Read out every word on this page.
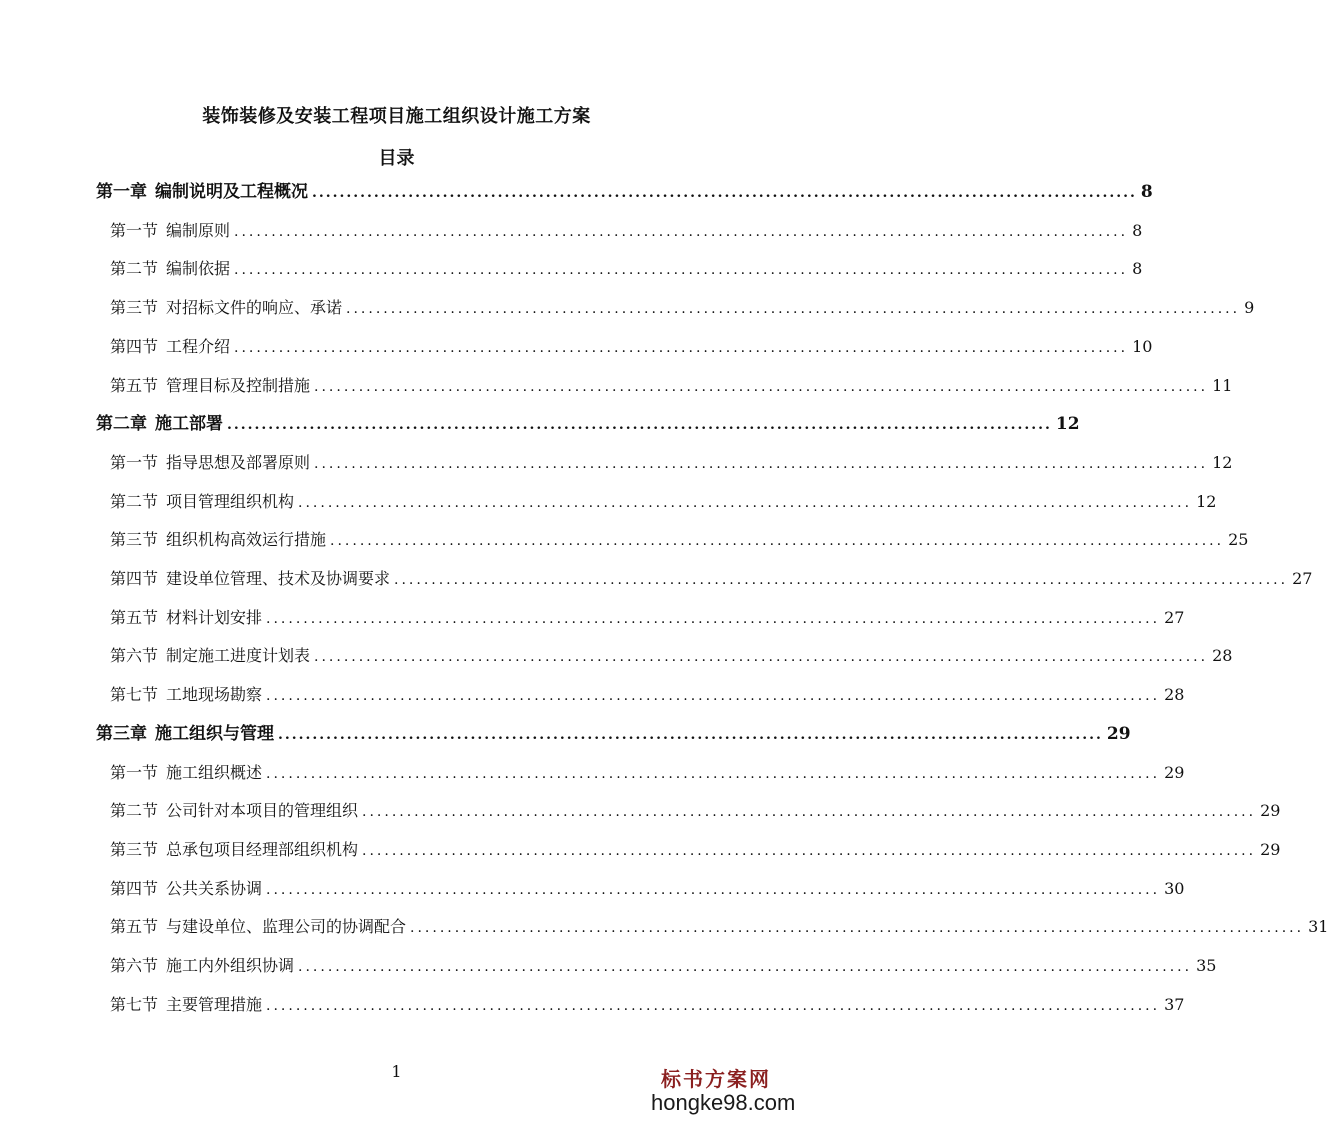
装饰装修及安装工程项目施工组织设计施工方案
目录
第一章 编制说明及工程概况 ........................................................................................................................ 8
第一节 编制原则 ........................................................................................................................ 8
第二节 编制依据 ........................................................................................................................ 8
第三节 对招标文件的响应、承诺 ........................................................................................................................ 9
第四节 工程介绍 ........................................................................................................................ 10
第五节 管理目标及控制措施 ........................................................................................................................ 11
第二章 施工部署 ........................................................................................................................ 12
第一节 指导思想及部署原则 ........................................................................................................................ 12
第二节 项目管理组织机构 ........................................................................................................................ 12
第三节 组织机构高效运行措施 ........................................................................................................................ 25
第四节 建设单位管理、技术及协调要求 ........................................................................................................................ 27
第五节 材料计划安排 ........................................................................................................................ 27
第六节 制定施工进度计划表 ........................................................................................................................ 28
第七节 工地现场勘察 ........................................................................................................................ 28
第三章 施工组织与管理 ........................................................................................................................ 29
第一节 施工组织概述 ........................................................................................................................ 29
第二节 公司针对本项目的管理组织 ........................................................................................................................ 29
第三节 总承包项目经理部组织机构 ........................................................................................................................ 29
第四节 公共关系协调 ........................................................................................................................ 30
第五节 与建设单位、监理公司的协调配合 ........................................................................................................................ 31
第六节 施工内外组织协调 ........................................................................................................................ 35
第七节 主要管理措施 ........................................................................................................................ 37
1	标书方案网
hongke98.com
